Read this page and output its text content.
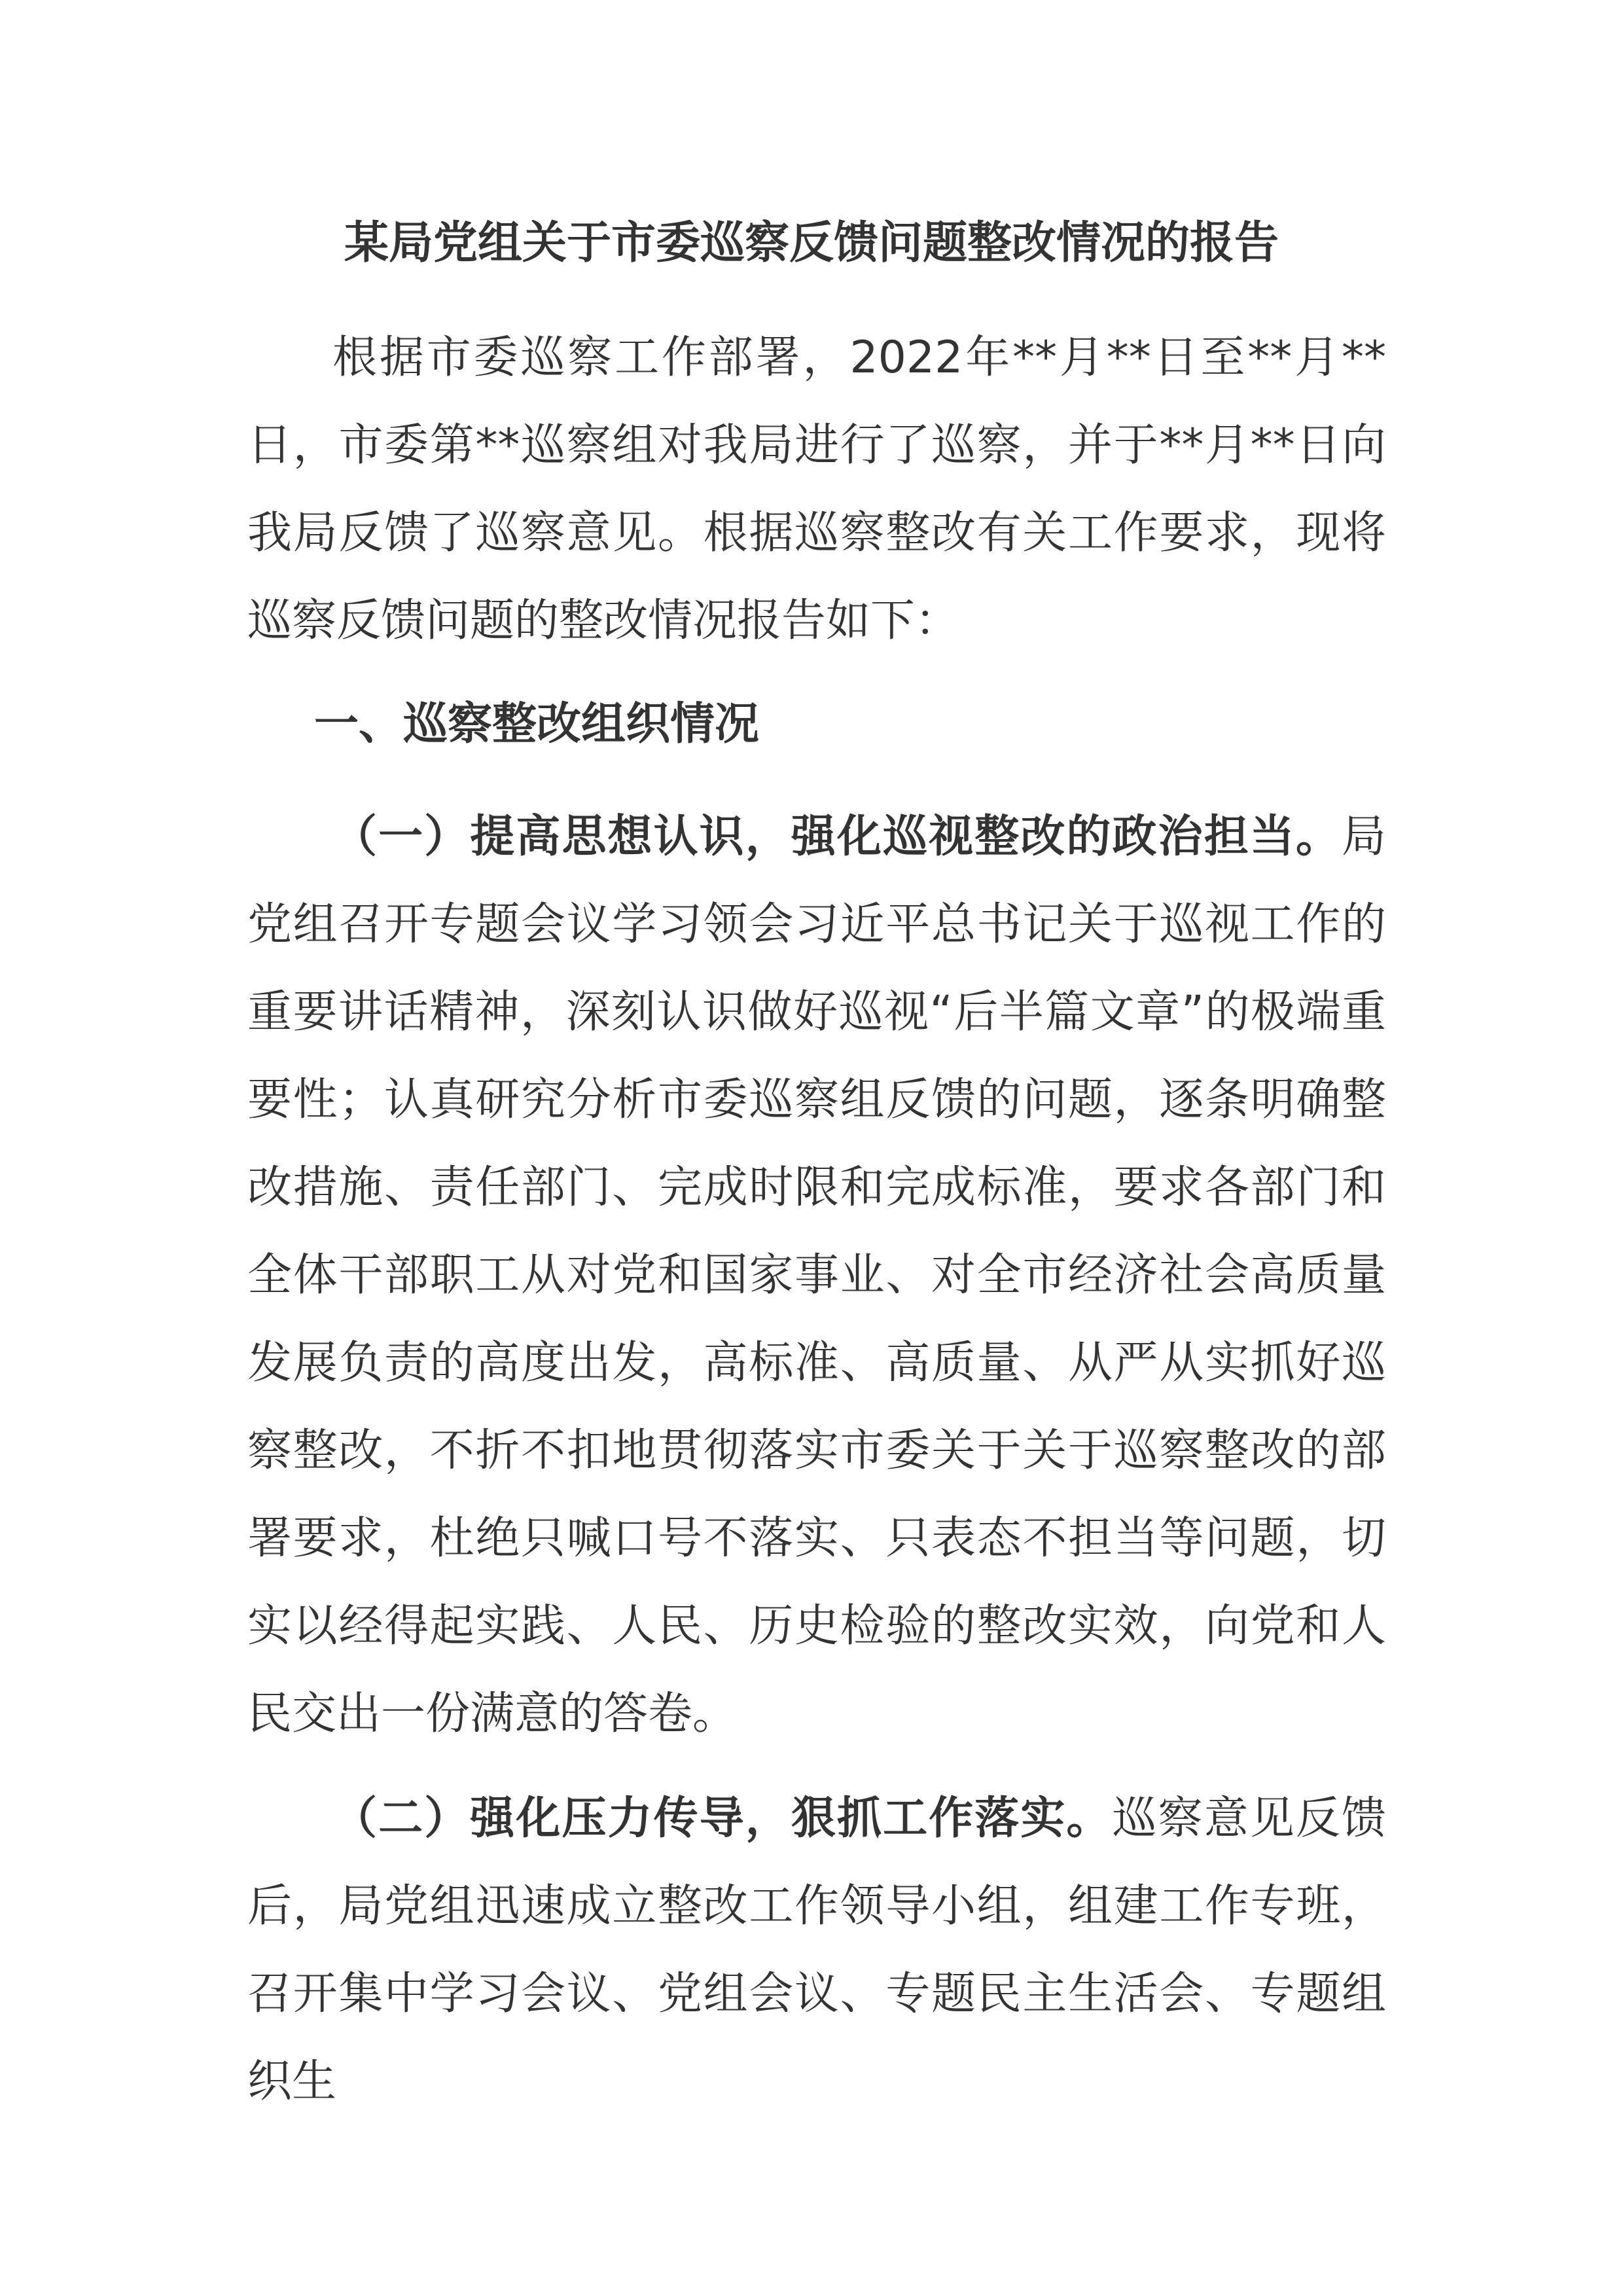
某局党组关于市委巡察反馈问题整改情况的报告
根据市委巡察工作部署，2022年**月**日至**月**日，市委第**巡察组对我局进行了巡察，并于**月**日向我局反馈了巡察意见。根据巡察整改有关工作要求，现将巡察反馈问题的整改情况报告如下：
一、巡察整改组织情况
（一）提高思想认识，强化巡视整改的政治担当。局党组召开专题会议学习领会习近平总书记关于巡视工作的重要讲话精神，深刻认识做好巡视“后半篇文章”的极端重要性；认真研究分析市委巡察组反馈的问题，逐条明确整改措施、责任部门、完成时限和完成标准，要求各部门和全体干部职工从对党和国家事业、对全市经济社会高质量发展负责的高度出发，高标准、高质量、从严从实抓好巡察整改，不折不扣地贯彻落实市委关于关于巡察整改的部署要求，杜绝只喊口号不落实、只表态不担当等问题，切实以经得起实践、人民、历史检验的整改实效，向党和人民交出一份满意的答卷。
（二）强化压力传导，狠抓工作落实。巡察意见反馈后，局党组迅速成立整改工作领导小组，组建工作专班，召开集中学习会议、党组会议、专题民主生活会、专题组织生
